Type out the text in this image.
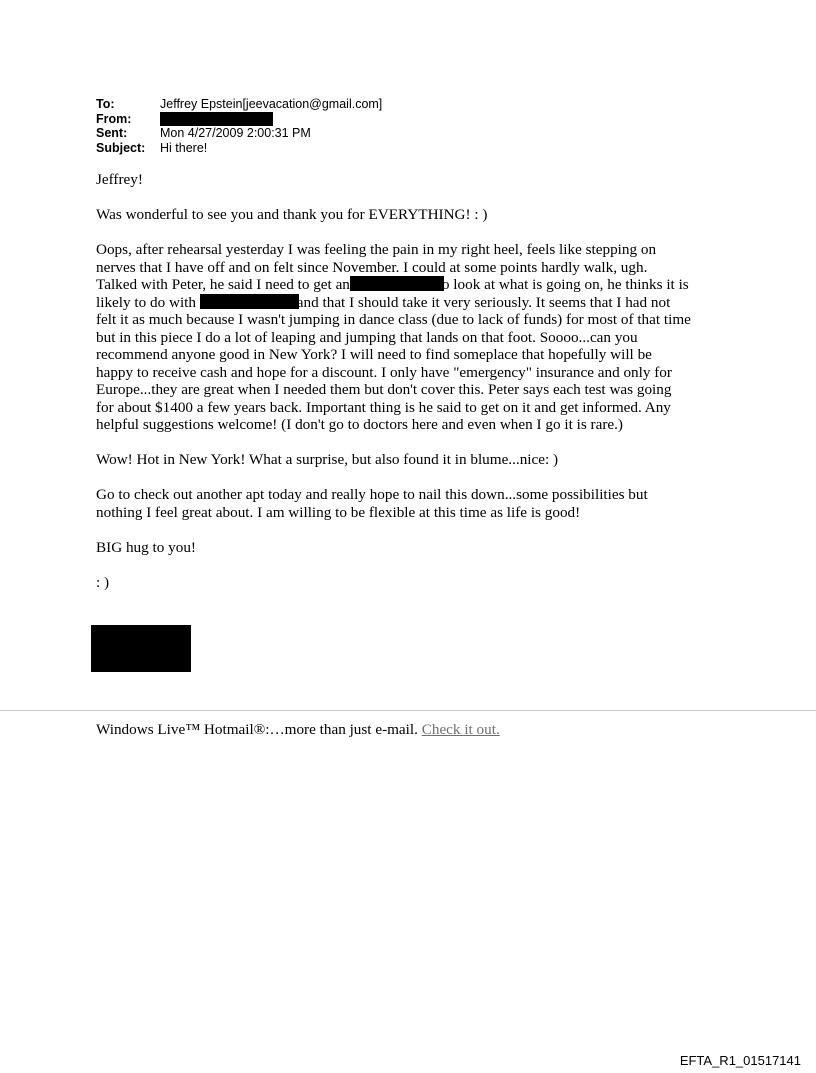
To:	Jeffrey Epstein[jeevacation@gmail.com]
From:
Sent:	Mon 4/27/2009 2:00:31 PM
Subject:	Hi there!

Jeffrey!

Was wonderful to see you and thank you for EVERYTHING! : )

Oops, after rehearsal yesterday I was feeling the pain in my right heel, feels like stepping on
nerves that I have off and on felt since November. I could at some points hardly walk, ugh.
Talked with Peter, he said I need to get an	o look at what is going on, he thinks it is
likely to do with	and that I should take it very seriously. It seems that I had not
felt it as much because I wasn't jumping in dance class (due to lack of funds) for most of that time
but in this piece I do a lot of leaping and jumping that lands on that foot. Soooo...can you
recommend anyone good in New York? I will need to find someplace that hopefully will be
happy to receive cash and hope for a discount. I only have "emergency" insurance and only for
Europe...they are great when I needed them but don't cover this. Peter says each test was going
for about $1400 a few years back. Important thing is he said to get on it and get informed. Any
helpful suggestions welcome! (I don't go to doctors here and even when I go it is rare.)

Wow! Hot in New York! What a surprise, but also found it in blume...nice: )

Go to check out another apt today and really hope to nail this down...some possibilities but
nothing I feel great about. I am willing to be flexible at this time as life is good!

BIG hug to you!

: )

Windows Live™ Hotmail®:…more than just e-mail. Check it out.
EFTA_R1_01517141
